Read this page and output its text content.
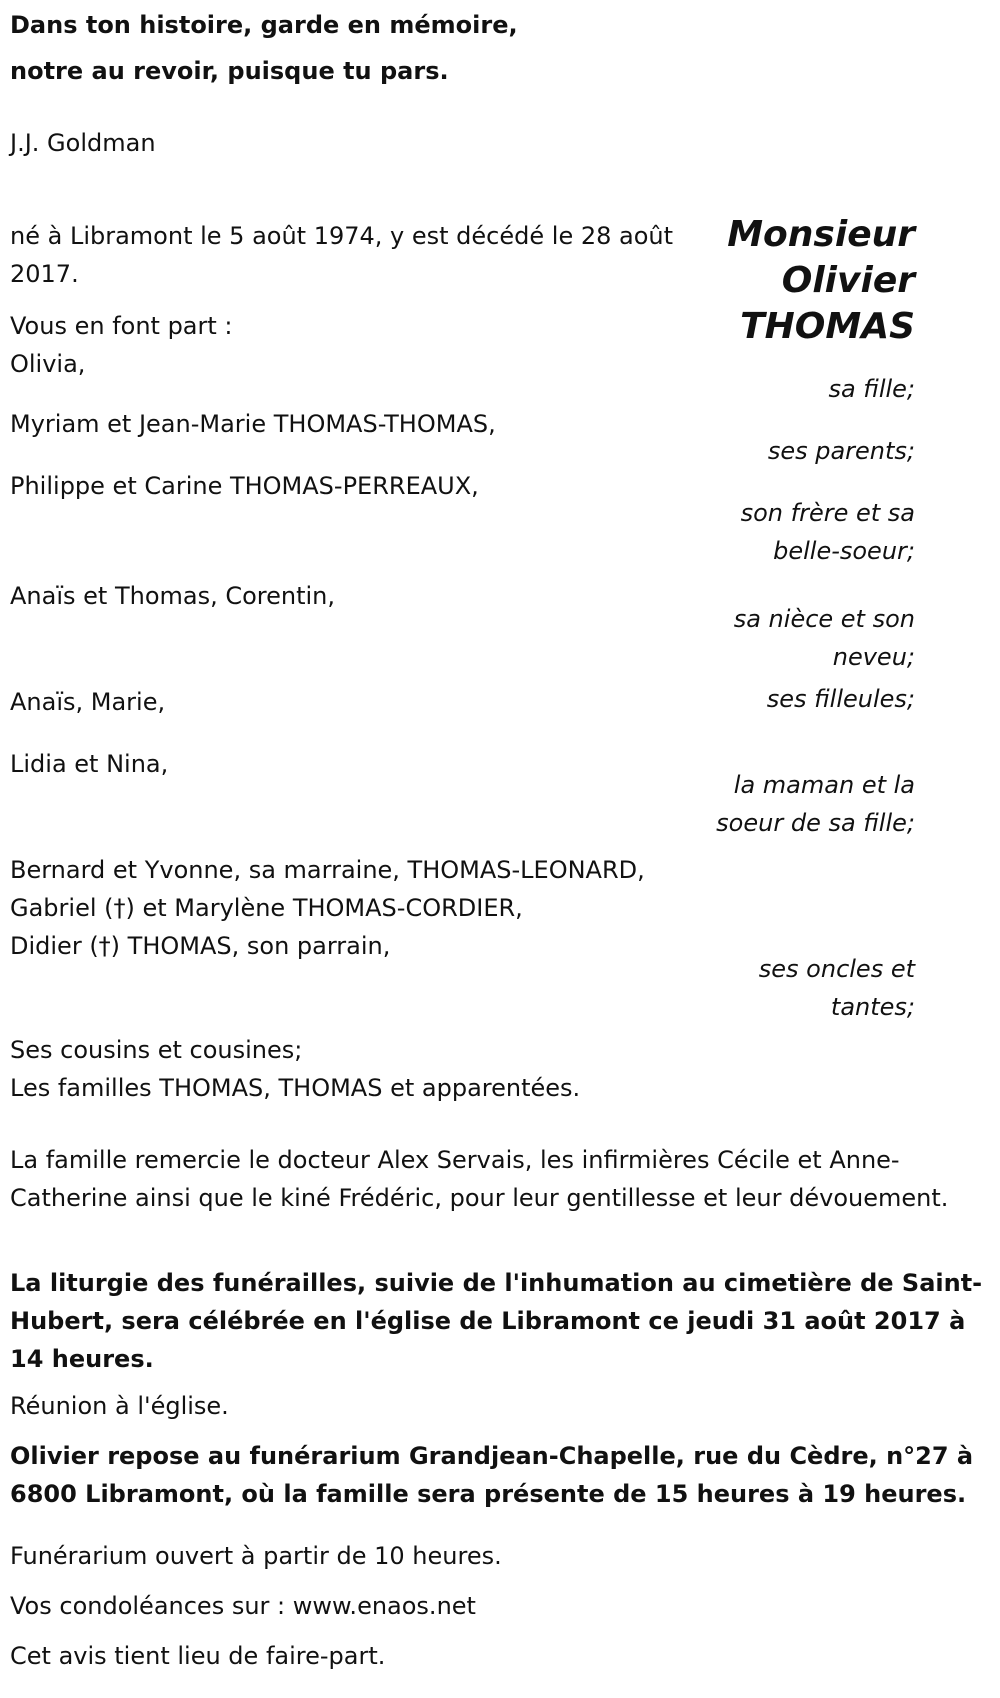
Dans ton histoire, garde en mémoire,

notre au revoir, puisque tu pars.

J.J. Goldman

Monsieur
Olivier
THOMAS

né à Libramont le 5 août 1974, y est décédé le 28 août 2017.

Vous en font part :

Olivia,

Myriam et Jean-Marie THOMAS-THOMAS,

Philippe et Carine THOMAS-PERREAUX,

Anaïs et Thomas, Corentin,

Anaïs, Marie,

Lidia et Nina,

Bernard et Yvonne, sa marraine, THOMAS-LEONARD,

Gabriel (†) et Marylène THOMAS-CORDIER,

Didier (†) THOMAS, son parrain,

sa fille;

ses parents;

son frère et sa belle-soeur;

sa nièce et son neveu;

ses filleules;

la maman et la soeur de sa fille;

ses oncles et tantes;

Ses cousins et cousines;

Les familles THOMAS, THOMAS et apparentées.

La famille remercie le docteur Alex Servais, les infirmières Cécile et Anne-Catherine ainsi que le kiné Frédéric, pour leur gentillesse et leur dévouement.

La liturgie des funérailles, suivie de l'inhumation au cimetière de Saint-Hubert, sera célébrée en l'église de Libramont ce jeudi 31 août 2017 à 14 heures.

Réunion à l'église.

Olivier repose au funérarium Grandjean-Chapelle, rue du Cèdre, n°27 à 6800 Libramont, où la famille sera présente de 15 heures à 19 heures.

Funérarium ouvert à partir de 10 heures.

Vos condoléances sur : www.enaos.net

Cet avis tient lieu de faire-part.
